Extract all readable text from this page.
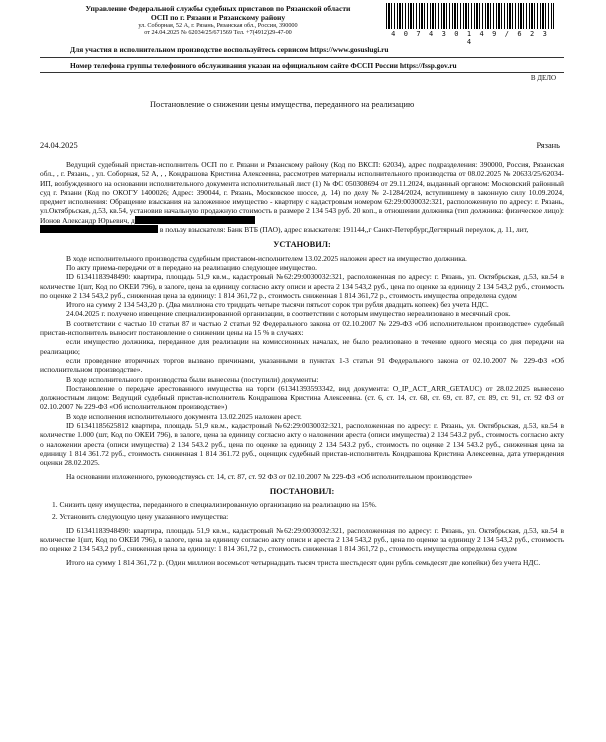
Управление Федеральной службы судебных приставов по Рязанской области
ОСП по г. Рязани и Рязанскому району
ул. Соборная, 52 А, г. Рязань, Рязанская обл., Россия, 390000
от 24.04.2025 № 62034/25/671569 Тел. +7(4912)29-47-00	4 0 7 4 3 0 1 4 9 / 6 2 3 4
Для участия в исполнительном производстве воспользуйтесь сервисом https://www.gosuslugi.ru
Номер телефона группы телефонного обслуживания указан на официальном сайте ФССП России https://fssp.gov.ru
В ДЕЛО
Постановление о снижении цены имущества, переданного на реализацию
24.04.2025	Рязань

Ведущий судебный пристав-исполнитель ОСП по г. Рязани и Рязанскому району (Код по ВКСП: 62034), адрес подразделения: 390000, Россия, Рязанская обл., , г. Рязань, , ул. Соборная, 52 А, , , Кондрашова Кристина Алексеевна, рассмотрев материалы исполнительного производства от 08.02.2025 № 20633/25/62034-ИП, возбужденного на основании исполнительного документа исполнительный лист (1) № ФС 050308694 от 29.11.2024, выданный органом: Московский районный суд г. Рязани (Код по ОКОГУ 1400026; Адрес: 390044, г. Рязань, Московское шоссе, д. 14) по делу № 2-1284/2024, вступившему в законную силу 10.09.2024, предмет исполнения: Обращение взыскания на заложенное имущество - квартиру с кадастровым номером 62:29:0030032:321, расположенную по адресу: г. Рязань, ул.Октябрьская, д.53, кв.54, установив начальную продажную стоимость в размере 2 134 543 руб. 20 коп., в отношении должника (тип должника: физическое лицо): Ионов Александр Юрьевич, д

в пользу взыскателя: Банк ВТБ (ПАО), адрес взыскателя: 191144,,г Санкт-Петербург,Дегтярный переулок, д. 11, лит,

УСТАНОВИЛ:

В ходе исполнительного производства судебным приставом-исполнителем 13.02.2025 наложен арест на имущество должника.

По акту приема-передачи от в передано на реализацию следующее имущество.

ID 61341183948490: квартира, площадь 51,9 кв.м., кадастровый №62:29:0030032:321, расположенная по адресу: г. Рязань, ул. Октябрьская, д.53, кв.54 в количестве 1(шт, Код по ОКЕИ 796), в залоге, цена за единицу согласно акту описи и ареста 2 134 543,2 руб., цена по оценке за единицу 2 134 543,2 руб., стоимость по оценке 2 134 543,2 руб., сниженная цена за единицу: 1 814 361,72 р., стоимость сниженная 1 814 361,72 р., стоимость имущества определена судом

Итого на сумму 2 134 543,20 р. (Два миллиона сто тридцать четыре тысячи пятьсот сорок три рубля двадцать копеек) без учета НДС.

24.04.2025 г. получено извещение специализированной организации, в соответствии с которым имущество нереализовано в месячный срок.

В соответствии с частью 10 статьи 87 и частью 2 статьи 92 Федерального закона от 02.10.2007 № 229-ФЗ «Об исполнительном производстве» судебный пристав-исполнитель выносит постановление о снижении цены на 15 % в случаях:

если имущество должника, переданное для реализации на комиссионных началах, не было реализовано в течение одного месяца со дня передачи на реализацию;

если проведение вторичных торгов вызвано причинами, указанными в пунктах 1-3 статьи 91 Федерального закона от 02.10.2007 № 229-ФЗ «Об исполнительном производстве».

В ходе исполнительного производства были вынесены (поступили) документы:

Постановление о передаче арестованного имущества на торги (61341393593342, вид документа: O_IP_ACT_ARR_GETAUC) от 28.02.2025 вынесено должностным лицом: Ведущий судебный пристав-исполнитель Кондрашова Кристина Алексеевна. (ст. 6, ст. 14, ст. 68, ст. 69, ст. 87, ст. 89, ст. 91, ст. 92 ФЗ от 02.10.2007 № 229-ФЗ «Об исполнительном производстве»)

В ходе исполнения исполнительного документа 13.02.2025 наложен арест.

ID 61341185625812 квартира, площадь 51,9 кв.м., кадастровый №62:29:0030032:321, расположенная по адресу: г. Рязань, ул. Октябрьская, д.53, кв.54 в количестве 1.000 (шт, Код по ОКЕИ 796), в залоге, цена за единицу согласно акту о наложении ареста (описи имущества) 2 134 543.2 руб., стоимость согласно акту о наложении ареста (описи имущества) 2 134 543.2 руб., цена по оценке за единицу 2 134 543.2 руб., стоимость по оценке 2 134 543.2 руб., сниженная цена за единицу 1 814 361.72 руб., стоимость сниженная 1 814 361.72 руб., оценщик судебный пристав-исполнитель Кондрашова Кристина Алексеевна, дата утверждения оценки 28.02.2025.

На основании изложенного, руководствуясь ст. 14, ст. 87, ст. 92 ФЗ от 02.10.2007 № 229-ФЗ «Об исполнительном производстве»

ПОСТАНОВИЛ:

1. Снизить цену имущества, переданного в специализированную организацию на реализацию на 15%.

2. Установить следующую цену указанного имущества:

ID 61341183948490: квартира, площадь 51,9 кв.м., кадастровый №62:29:0030032:321, расположенная по адресу: г. Рязань, ул. Октябрьская, д.53, кв.54 в количестве 1(шт, Код по ОКЕИ 796), в залоге, цена за единицу согласно акту описи и ареста 2 134 543,2 руб., цена по оценке за единицу 2 134 543,2 руб., стоимость по оценке 2 134 543,2 руб., сниженная цена за единицу: 1 814 361,72 р., стоимость сниженная 1 814 361,72 р., стоимость имущества определена судом

Итого на сумму 1 814 361,72 р. (Один миллион восемьсот четырнадцать тысяч триста шестьдесят один рубль семьдесят две копейки) без учета НДС.
